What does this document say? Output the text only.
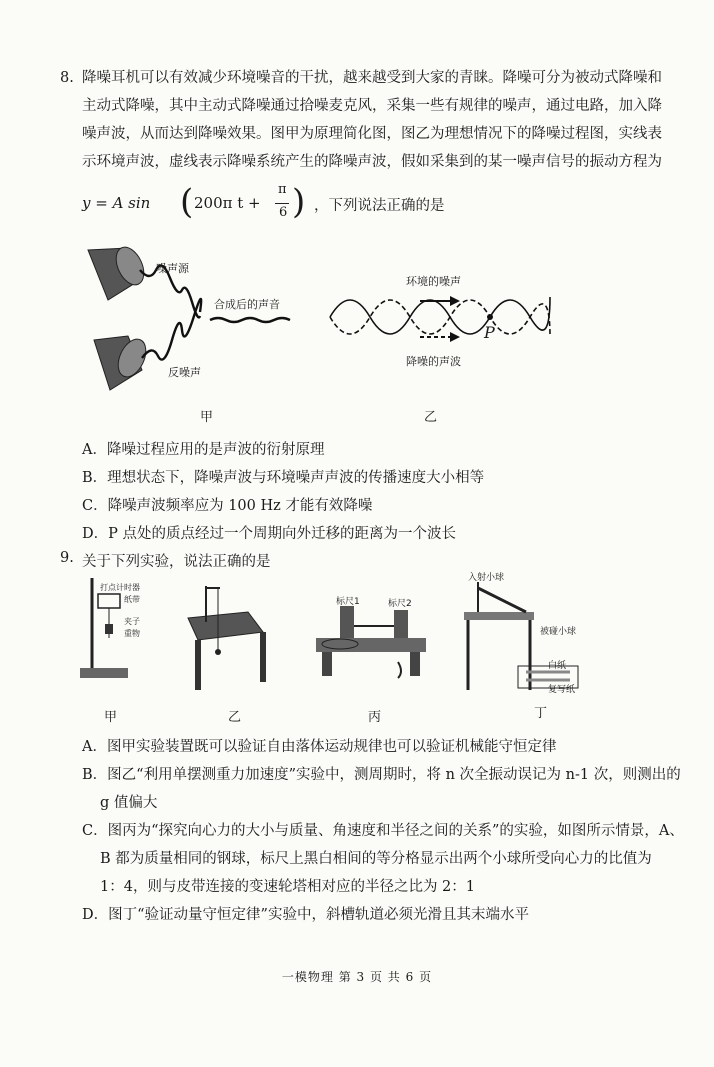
8. 降噪耳机可以有效减少环境噪音的干扰，越来越受到大家的青睐。降噪可分为被动式降噪和
主动式降噪，其中主动式降噪通过拾噪麦克风，采集一些有规律的噪声，通过电路，加入降
噪声波，从而达到降噪效果。图甲为原理简化图，图乙为理想情况下的降噪过程图，实线表
示环境声波，虚线表示降噪系统产生的降噪声波，假如采集到的某一噪声信号的振动方程为
y = A sin ( 200π t +
π
6 ) ，下列说法正确的是
噪声源
合成后的声音
反噪声
甲
环境的噪声
P
降噪的声波
乙
A．降噪过程应用的是声波的衍射原理
B．理想状态下，降噪声波与环境噪声声波的传播速度大小相等
C．降噪声波频率应为 100 Hz 才能有效降噪
D．P 点处的质点经过一个周期向外迁移的距离为一个波长
9. 关于下列实验，说法正确的是
打点计时器
纸带
夹子
重物
标尺1	标尺2
入射小球
被碰小球
白纸
复写纸
甲	乙	丙	丁
A．图甲实验装置既可以验证自由落体运动规律也可以验证机械能守恒定律
B．图乙“利用单摆测重力加速度”实验中，测周期时，将 n 次全振动误记为 n-1 次，则测出的
g 值偏大
C．图丙为“探究向心力的大小与质量、角速度和半径之间的关系”的实验，如图所示情景，A、
B 都为质量相同的钢球，标尺上黑白相间的等分格显示出两个小球所受向心力的比值为
1：4，则与皮带连接的变速轮塔相对应的半径之比为 2：1
D．图丁“验证动量守恒定律”实验中，斜槽轨道必须光滑且其末端水平
一模物理 第 3 页 共 6 页
